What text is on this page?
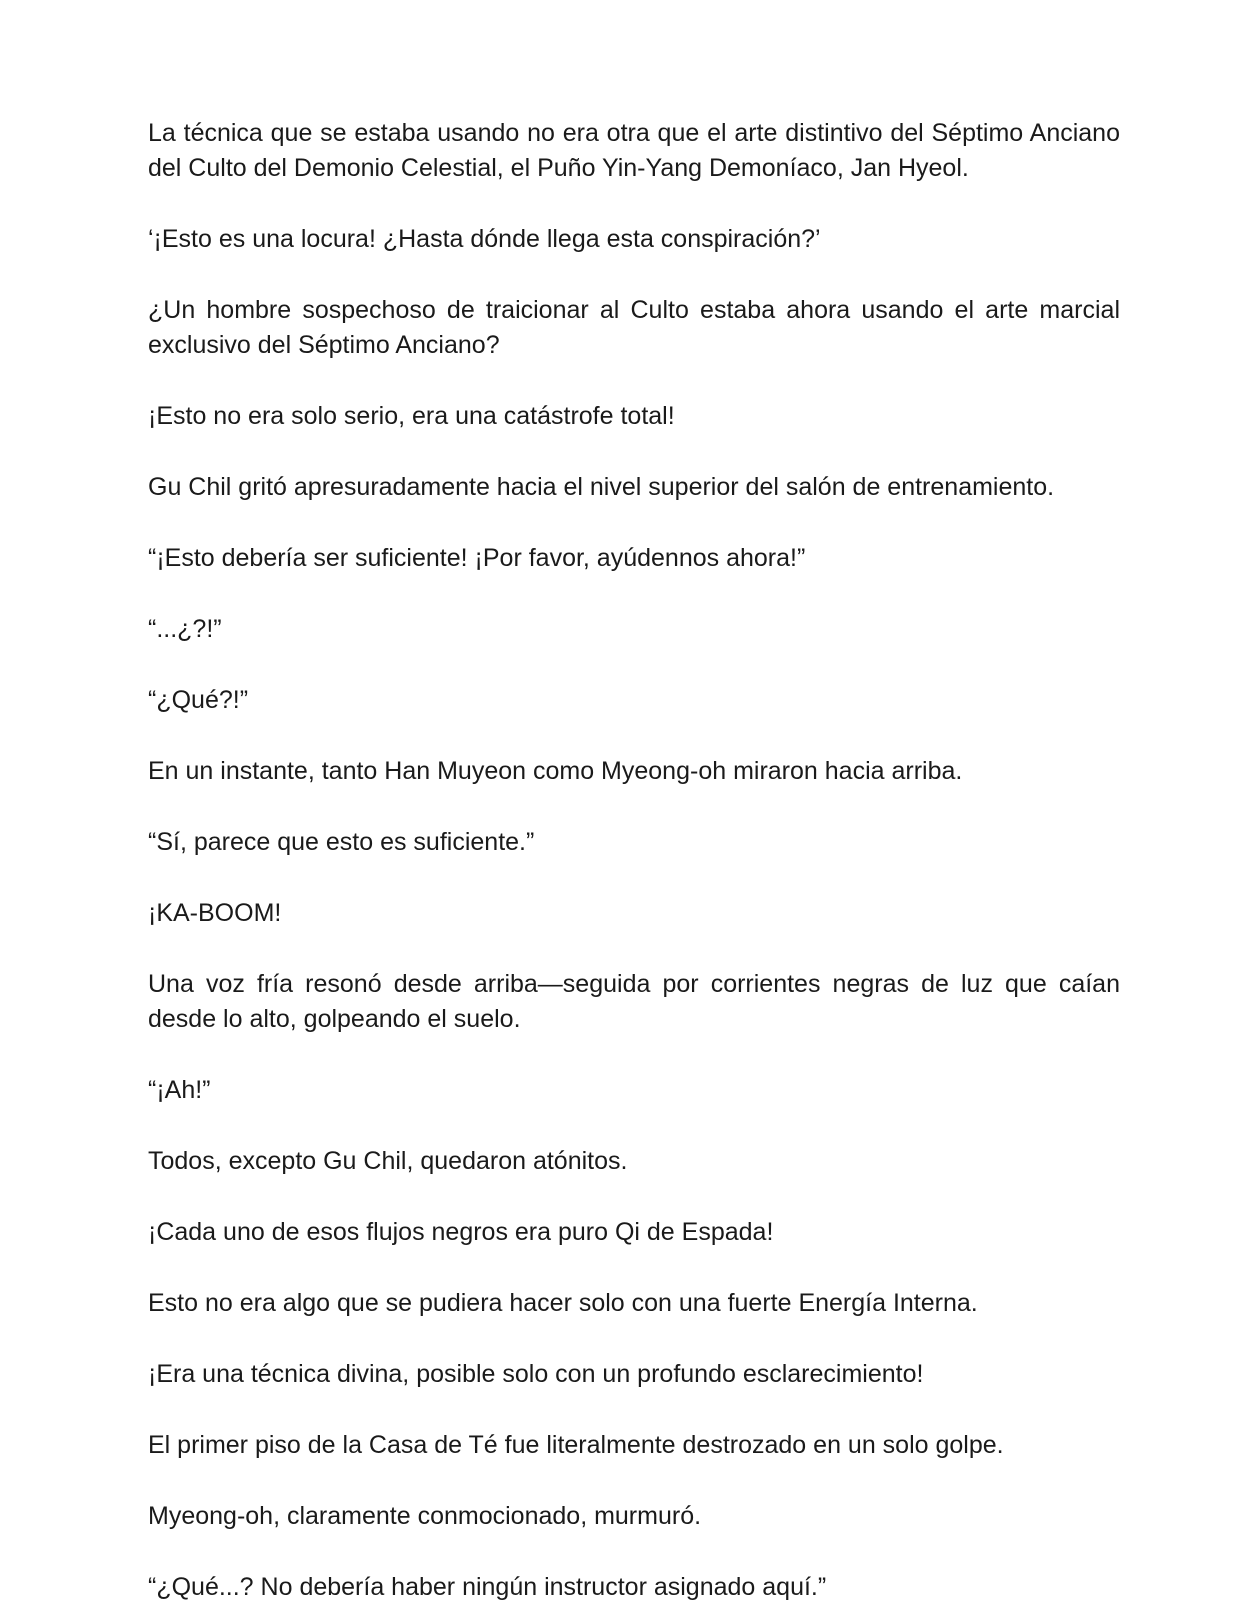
La técnica que se estaba usando no era otra que el arte distintivo del Séptimo Anciano del Culto del Demonio Celestial, el Puño Yin-Yang Demoníaco, Jan Hyeol.

‘¡Esto es una locura! ¿Hasta dónde llega esta conspiración?’

¿Un hombre sospechoso de traicionar al Culto estaba ahora usando el arte marcial exclusivo del Séptimo Anciano?

¡Esto no era solo serio, era una catástrofe total!

Gu Chil gritó apresuradamente hacia el nivel superior del salón de entrenamiento.

“¡Esto debería ser suficiente! ¡Por favor, ayúdennos ahora!”

“...¿?!”

“¿Qué?!”

En un instante, tanto Han Muyeon como Myeong-oh miraron hacia arriba.

“Sí, parece que esto es suficiente.”

¡KA-BOOM!

Una voz fría resonó desde arriba—seguida por corrientes negras de luz que caían desde lo alto, golpeando el suelo.

“¡Ah!”

Todos, excepto Gu Chil, quedaron atónitos.

¡Cada uno de esos flujos negros era puro Qi de Espada!

Esto no era algo que se pudiera hacer solo con una fuerte Energía Interna.

¡Era una técnica divina, posible solo con un profundo esclarecimiento!

El primer piso de la Casa de Té fue literalmente destrozado en un solo golpe.

Myeong-oh, claramente conmocionado, murmuró.

“¿Qué...? No debería haber ningún instructor asignado aquí.”
